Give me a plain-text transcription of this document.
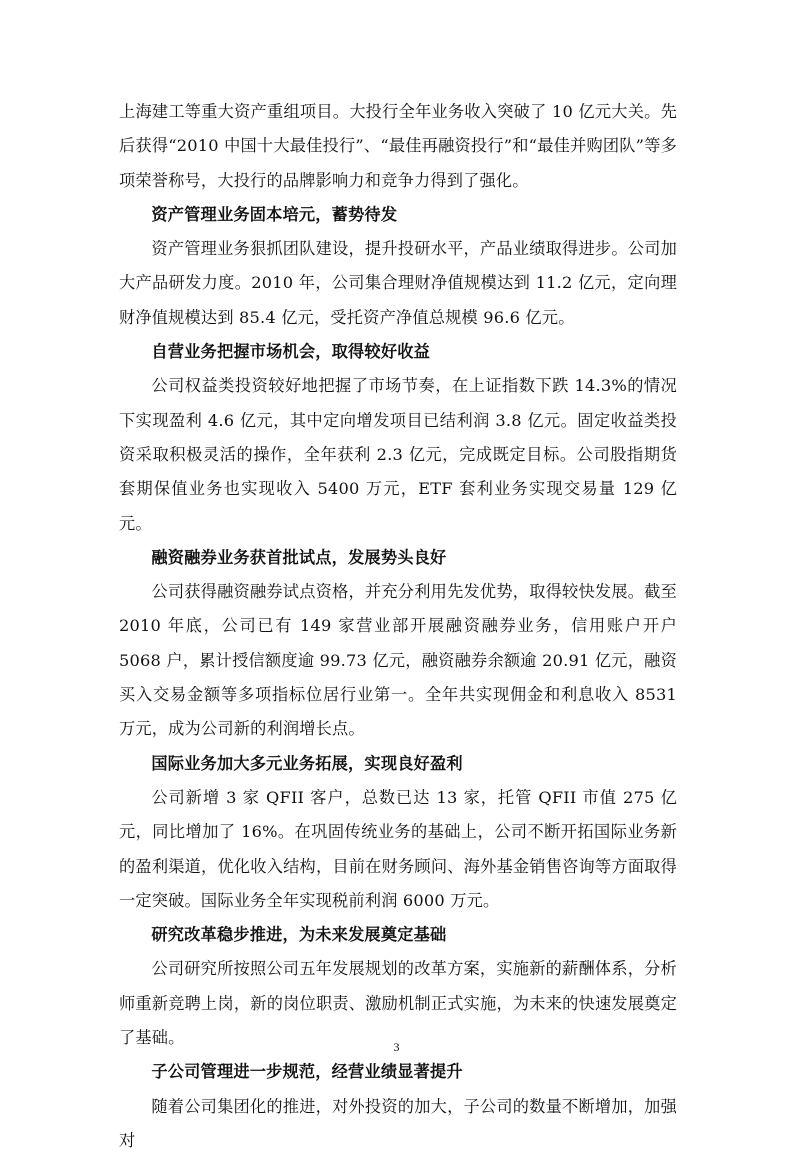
上海建工等重大资产重组项目。大投行全年业务收入突破了 10 亿元大关。先后获得“2010 中国十大最佳投行”、“最佳再融资投行”和“最佳并购团队”等多项荣誉称号，大投行的品牌影响力和竞争力得到了强化。

资产管理业务固本培元，蓄势待发

资产管理业务狠抓团队建设，提升投研水平，产品业绩取得进步。公司加大产品研发力度。2010 年，公司集合理财净值规模达到 11.2 亿元，定向理财净值规模达到 85.4 亿元，受托资产净值总规模 96.6 亿元。

自营业务把握市场机会，取得较好收益

公司权益类投资较好地把握了市场节奏，在上证指数下跌 14.3%的情况下实现盈利 4.6 亿元，其中定向增发项目已结利润 3.8 亿元。固定收益类投资采取积极灵活的操作，全年获利 2.3 亿元，完成既定目标。公司股指期货套期保值业务也实现收入 5400 万元，ETF 套利业务实现交易量 129 亿元。

融资融券业务获首批试点，发展势头良好

公司获得融资融券试点资格，并充分利用先发优势，取得较快发展。截至 2010 年底，公司已有 149 家营业部开展融资融券业务，信用账户开户 5068 户，累计授信额度逾 99.73 亿元，融资融券余额逾 20.91 亿元，融资买入交易金额等多项指标位居行业第一。全年共实现佣金和利息收入 8531 万元，成为公司新的利润增长点。

国际业务加大多元业务拓展，实现良好盈利

公司新增 3 家 QFII 客户，总数已达 13 家，托管 QFII 市值 275 亿元，同比增加了 16%。在巩固传统业务的基础上，公司不断开拓国际业务新的盈利渠道，优化收入结构，目前在财务顾问、海外基金销售咨询等方面取得一定突破。国际业务全年实现税前利润 6000 万元。

研究改革稳步推进，为未来发展奠定基础

公司研究所按照公司五年发展规划的改革方案，实施新的薪酬体系，分析师重新竞聘上岗，新的岗位职责、激励机制正式实施，为未来的快速发展奠定了基础。

子公司管理进一步规范，经营业绩显著提升

随着公司集团化的推进，对外投资的加大，子公司的数量不断增加，加强对

3
